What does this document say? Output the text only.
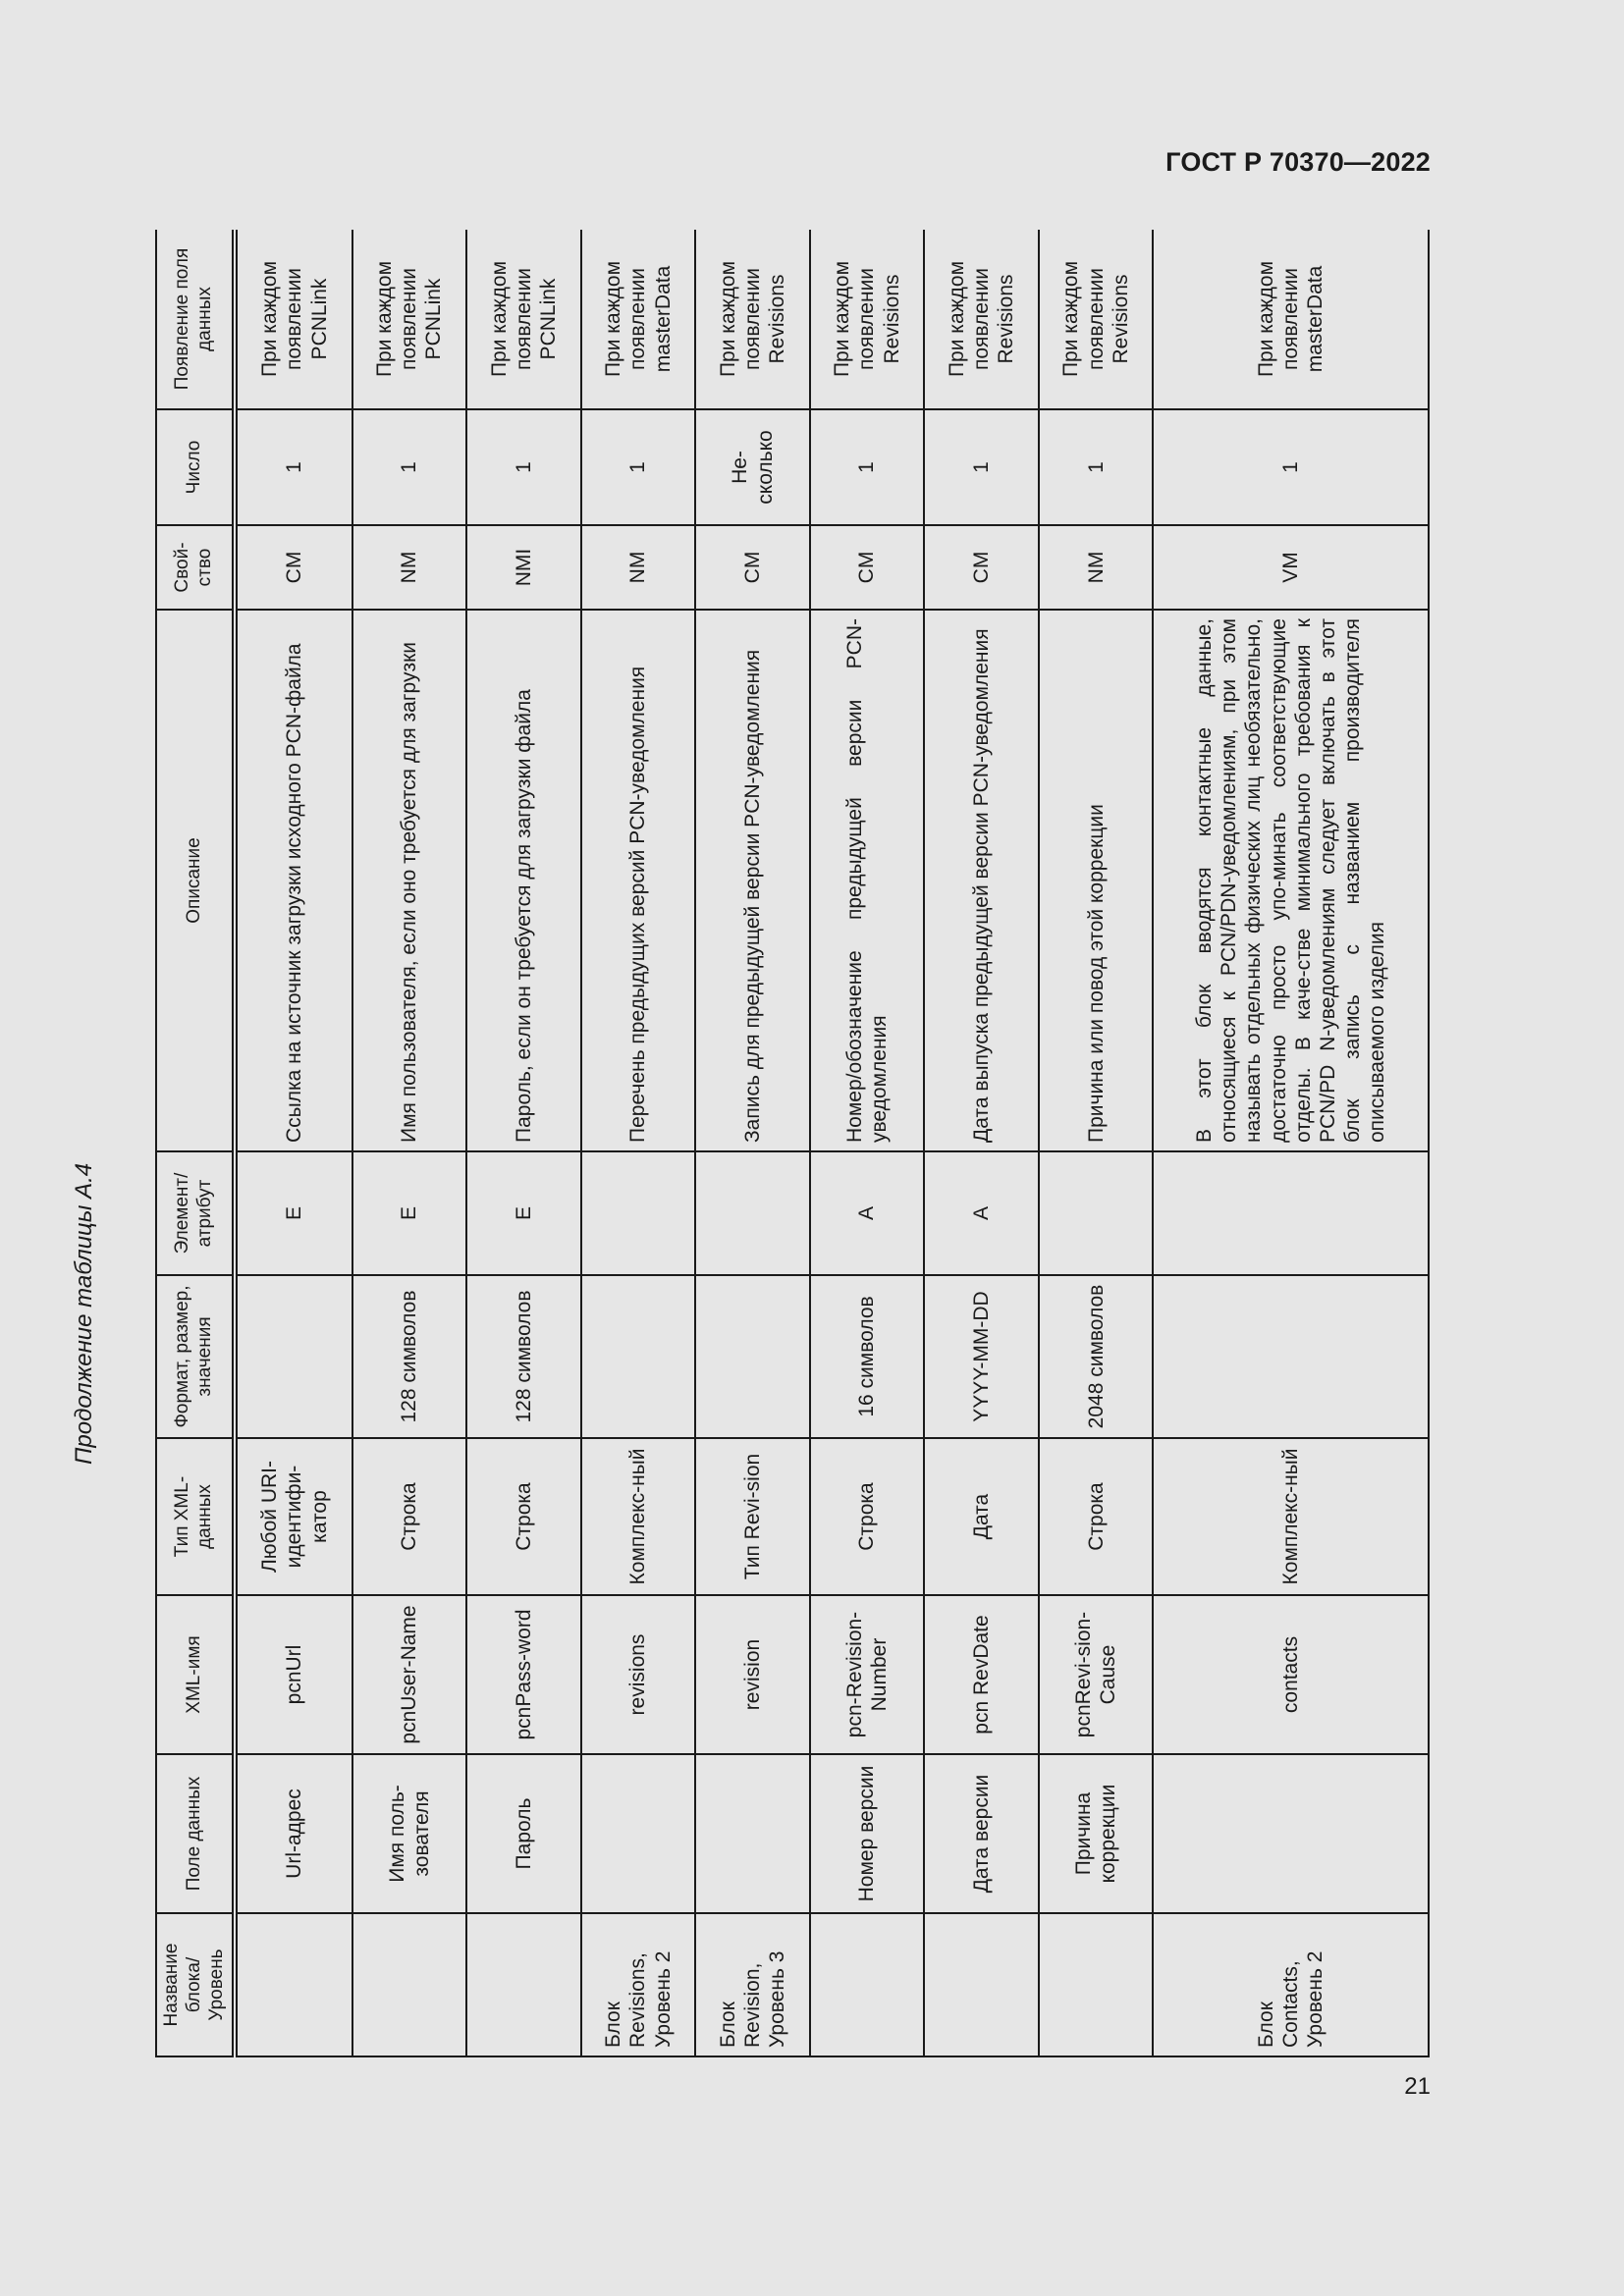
ГОСТ Р 70370—2022
Продолжение таблицы А.4
Название блока/ Уровень	Поле данных	XML-имя	Тип XML-данных	Формат, размер, значения	Элемент/ атрибут	Описание	Свой-ство	Число	Появление поля данных
	Url-адрес	pcnUrl	Любой URI-идентифи-катор		E	Ссылка на источник загрузки исходного PCN-файла	CM	1	При каждом появлении PCNLink
	Имя поль-зователя	pcnUser-Name	Строка	128 символов	E	Имя пользователя, если оно требуется для загрузки	NM	1	При каждом появлении PCNLink
	Пароль	pcnPass-word	Строка	128 символов	E	Пароль, если он требуется для загрузки файла	NMI	1	При каждом появлении PCNLink
Блок Revisions, Уровень 2		revisions	Комплекс-ный			Перечень предыдущих версий PCN-уведомления	NM	1	При каждом появлении masterData
Блок Revision, Уровень 3		revision	Тип Revi-sion			Запись для предыдущей версии PCN-уведомления	CM	Не-сколько	При каждом появлении Revisions
	Номер версии	pcn-Revision-Number	Строка	16 символов	A	Номер/обозначение предыдущей версии PCN-уведомления	CM	1	При каждом появлении Revisions
	Дата версии	pcn RevDate	Дата	YYYY-MM-DD	A	Дата выпуска предыдущей версии PCN-уведомления	CM	1	При каждом появлении Revisions
	Причина коррекции	pcnRevi-sion-Cause	Строка	2048 символов		Причина или повод этой коррекции	NM	1	При каждом появлении Revisions
Блок Contacts, Уровень 2		contacts	Комплекс-ный			В этот блок вводятся контактные данные, относящиеся к PCN/PDN-уведомлениям, при этом называть отдельных физических лиц необязательно, достаточно просто упо-минать соответствующие отделы. В каче-стве минимального требования к PCN/PD N-уведомлениям следует включать в этот блок запись с названием производителя описываемого изделия	VM	1	При каждом появлении masterData
21
